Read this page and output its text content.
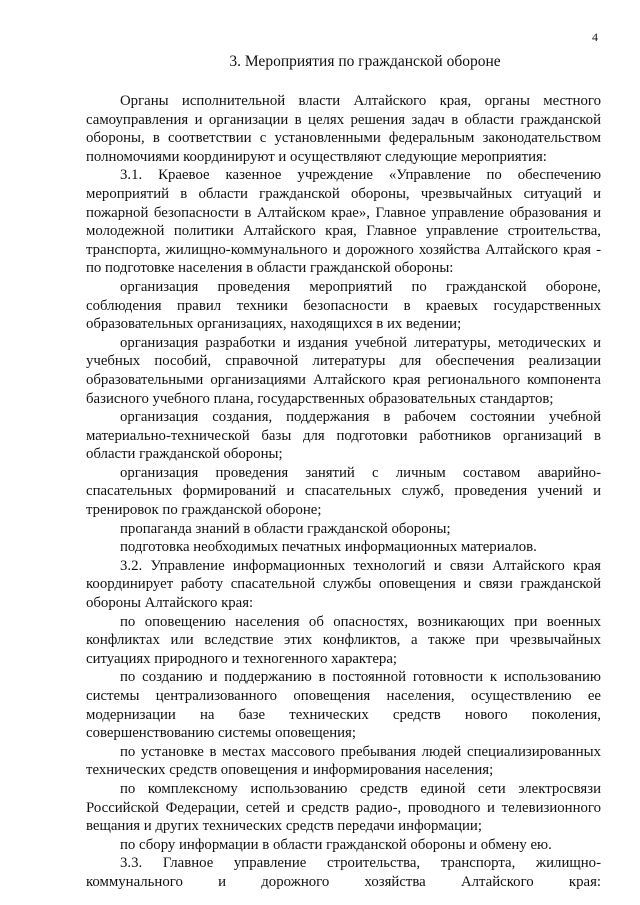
4
3. Мероприятия по гражданской обороне

Органы исполнительной власти Алтайского края, органы местного самоуправления и организации в целях решения задач в области гражданской обороны, в соответствии с установленными федеральным законодательством полномочиями координируют и осуществляют следующие мероприятия:

3.1. Краевое казенное учреждение «Управление по обеспечению мероприятий в области гражданской обороны, чрезвычайных ситуаций и пожарной безопасности в Алтайском крае», Главное управление образования и молодежной политики Алтайского края, Главное управление строительства, транспорта, жилищно-коммунального и дорожного хозяйства Алтайского края - по подготовке населения в области гражданской обороны:

организация проведения мероприятий по гражданской обороне, соблюдения правил техники безопасности в краевых государственных образовательных организациях, находящихся в их ведении;

организация разработки и издания учебной литературы, методических и учебных пособий, справочной литературы для обеспечения реализации образовательными организациями Алтайского края регионального компонента базисного учебного плана, государственных образовательных стандартов;

организация создания, поддержания в рабочем состоянии учебной материально-технической базы для подготовки работников организаций в области гражданской обороны;

организация проведения занятий с личным составом аварийно-спасательных формирований и спасательных служб, проведения учений и тренировок по гражданской обороне;

пропаганда знаний в области гражданской обороны;

подготовка необходимых печатных информационных материалов.

3.2. Управление информационных технологий и связи Алтайского края координирует работу спасательной службы оповещения и связи гражданской обороны Алтайского края:

по оповещению населения об опасностях, возникающих при военных конфликтах или вследствие этих конфликтов, а также при чрезвычайных ситуациях природного и техногенного характера;

по созданию и поддержанию в постоянной готовности к использованию системы централизованного оповещения населения, осуществлению ее модернизации на базе технических средств нового поколения, совершенствованию системы оповещения;

по установке в местах массового пребывания людей специализированных технических средств оповещения и информирования населения;

по комплексному использованию средств единой сети электросвязи Российской Федерации, сетей и средств радио-, проводного и телевизионного вещания и других технических средств передачи информации;

по сбору информации в области гражданской обороны и обмену ею.

3.3. Главное управление строительства, транспорта, жилищно-коммунального и дорожного хозяйства Алтайского края:
